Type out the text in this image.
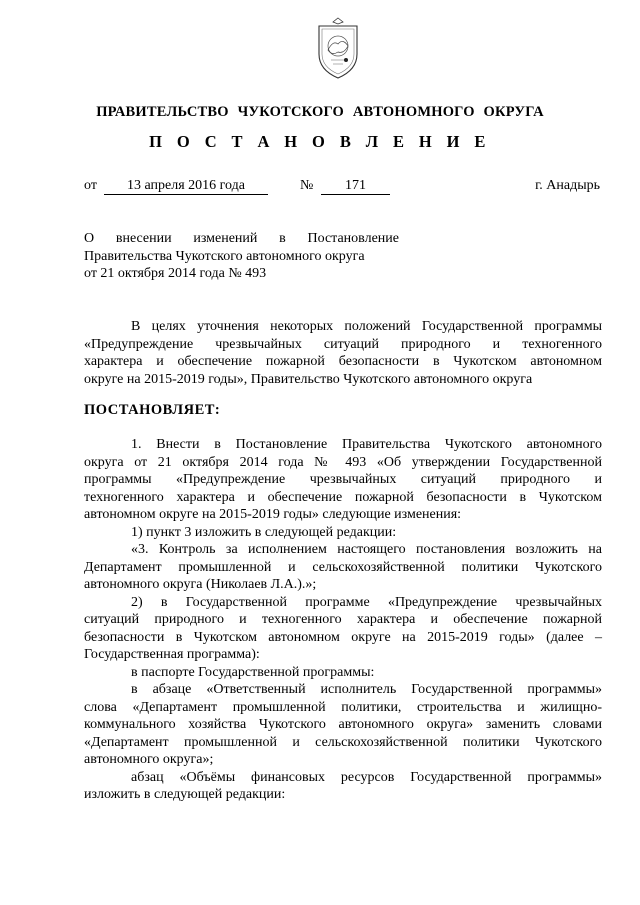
ПРАВИТЕЛЬСТВО ЧУКОТСКОГО АВТОНОМНОГО ОКРУГА
П О С Т А Н О В Л Е Н И Е
от	13 апреля 2016 года	№	171	г. Анадырь
О внесении изменений в Постановление
Правительства Чукотского автономного округа
от 21 октября 2014 года № 493
В целях уточнения некоторых положений Государственной программы
«Предупреждение чрезвычайных ситуаций природного и техногенного
характера и обеспечение пожарной безопасности в Чукотском автономном
округе на 2015-2019 годы», Правительство Чукотского автономного округа
ПОСТАНОВЛЯЕТ:
1. Внести в Постановление Правительства Чукотского автономного
округа от 21 октября 2014 года № 493 «Об утверждении Государственной
программы «Предупреждение чрезвычайных ситуаций природного и
техногенного характера и обеспечение пожарной безопасности в Чукотском
автономном округе на 2015-2019 годы» следующие изменения:
1) пункт 3 изложить в следующей редакции:
«3. Контроль за исполнением настоящего постановления возложить на
Департамент промышленной и сельскохозяйственной политики Чукотского
автономного округа (Николаев Л.А.).»;
2) в Государственной программе «Предупреждение чрезвычайных
ситуаций природного и техногенного характера и обеспечение пожарной
безопасности в Чукотском автономном округе на 2015-2019 годы» (далее –
Государственная программа):
в паспорте Государственной программы:
в абзаце «Ответственный исполнитель Государственной программы»
слова «Департамент промышленной политики, строительства и жилищно-
коммунального хозяйства Чукотского автономного округа» заменить словами
«Департамент промышленной и сельскохозяйственной политики Чукотского
автономного округа»;
абзац «Объёмы финансовых ресурсов Государственной программы»
изложить в следующей редакции:
